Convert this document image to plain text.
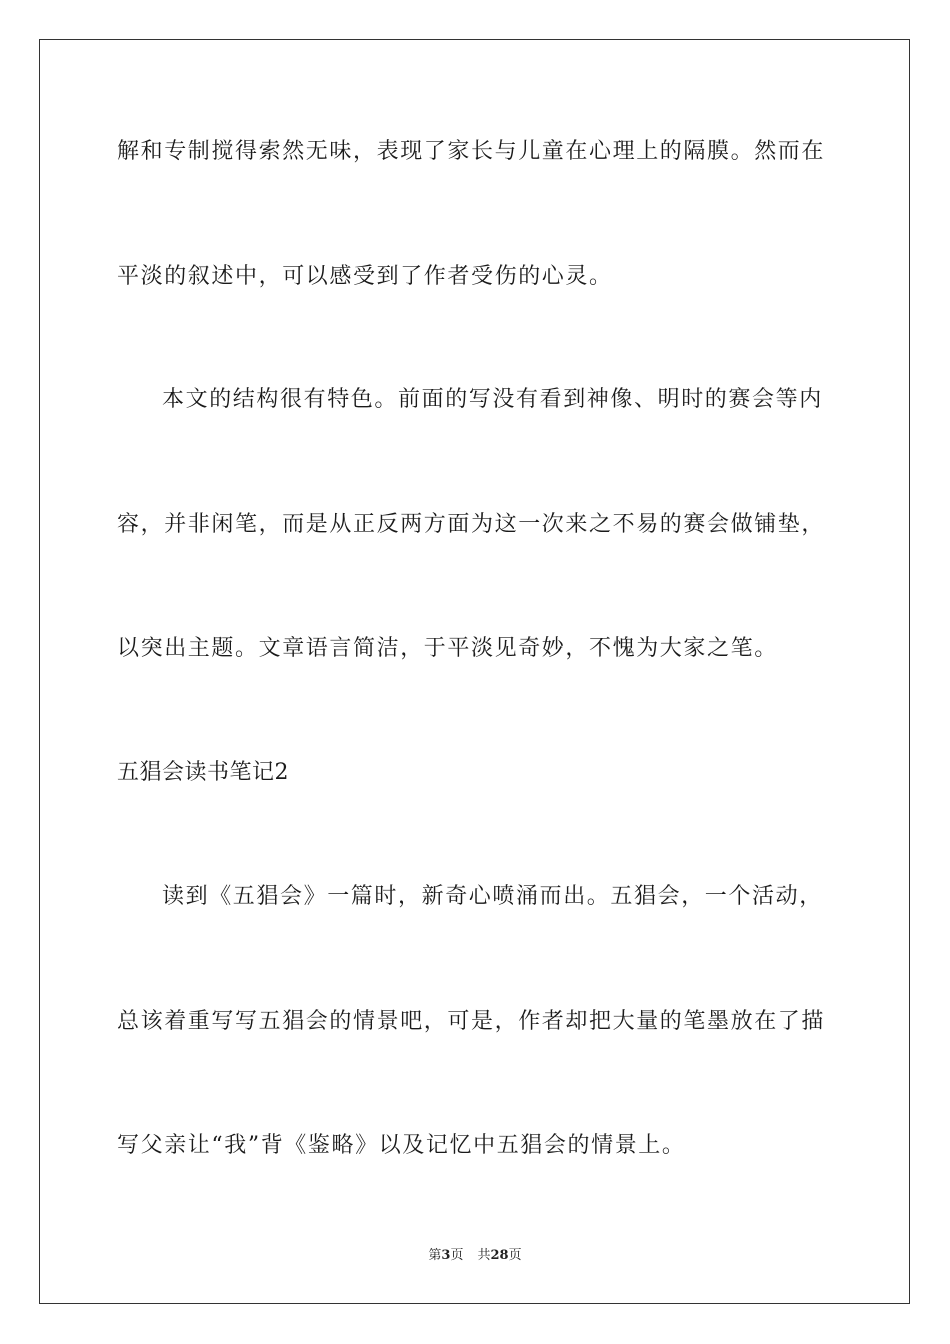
解和专制搅得索然无味，表现了家长与儿童在心理上的隔膜。然而在
平淡的叙述中，可以感受到了作者受伤的心灵。
本文的结构很有特色。前面的写没有看到神像、明时的赛会等内
容，并非闲笔，而是从正反两方面为这一次来之不易的赛会做铺垫，
以突出主题。文章语言简洁，于平淡见奇妙，不愧为大家之笔。
五猖会读书笔记2
读到《五猖会》一篇时，新奇心喷涌而出。五猖会，一个活动，
总该着重写写五猖会的情景吧，可是，作者却把大量的笔墨放在了描
写父亲让“我”背《鉴略》以及记忆中五猖会的情景上。
第3页 共28页
